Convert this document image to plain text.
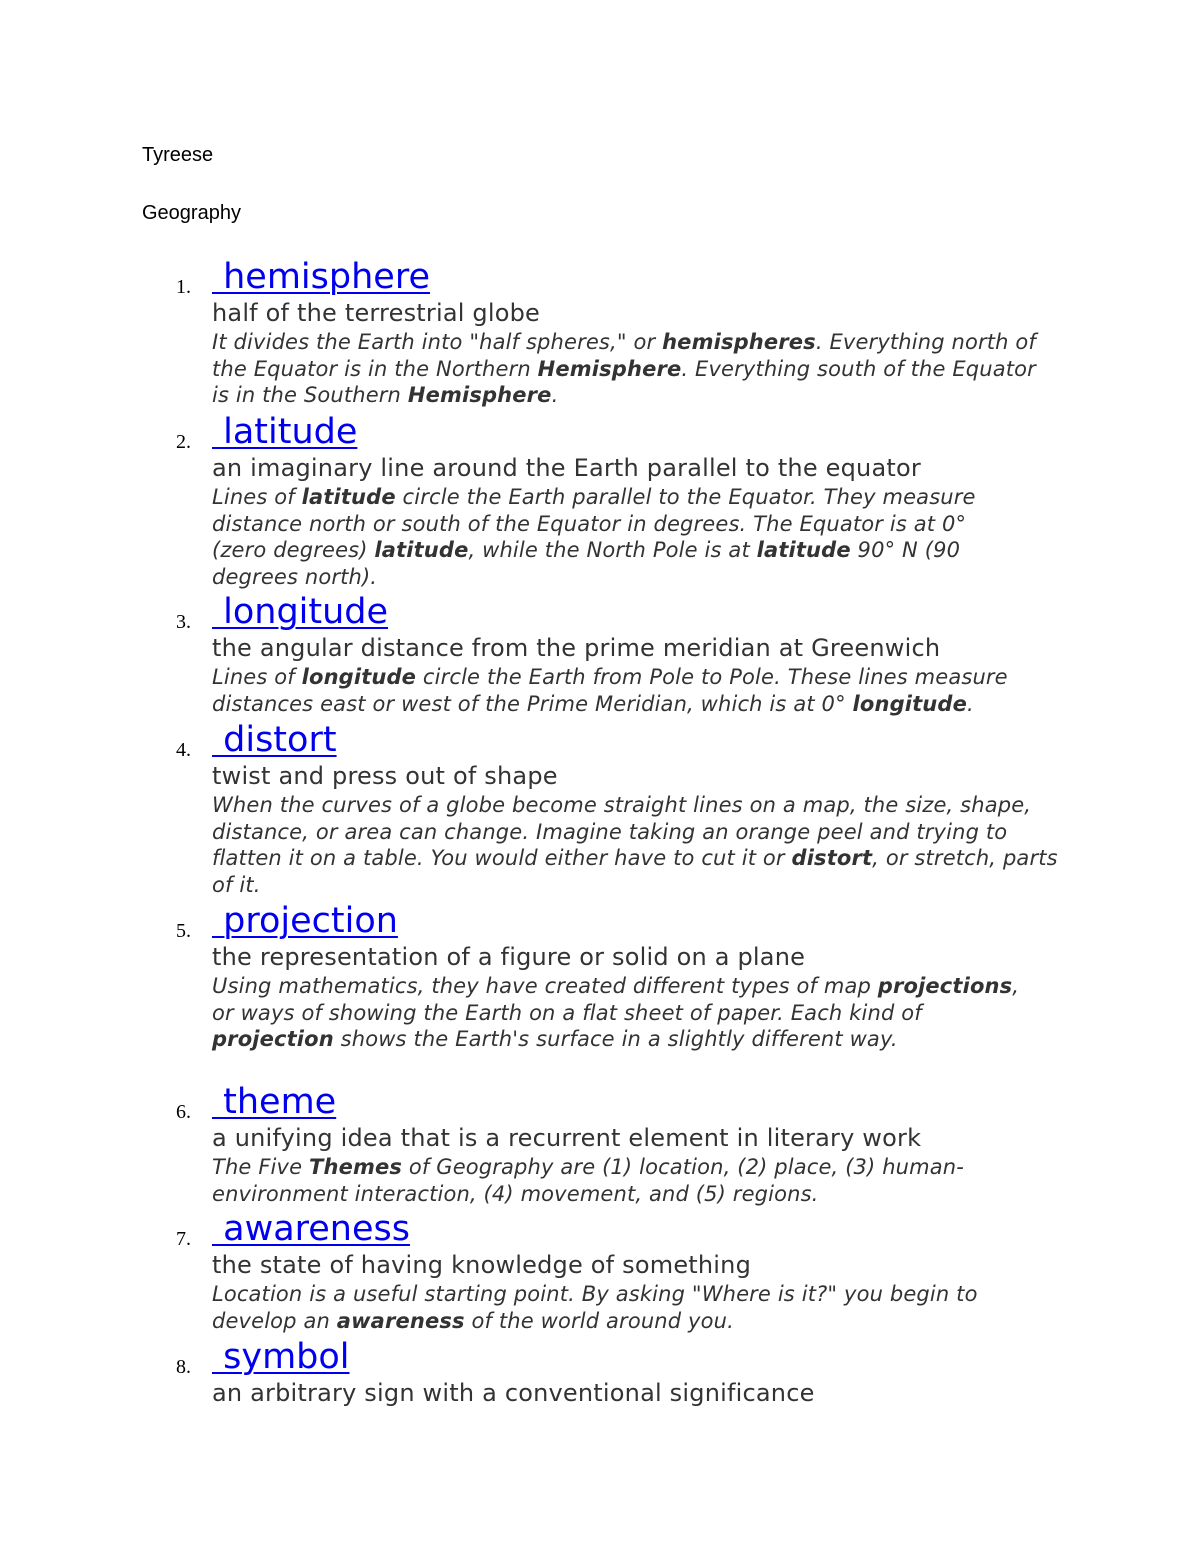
Tyreese
Geography
1. hemisphere
half of the terrestrial globe
It divides the Earth into "half spheres," or hemispheres. Everything north of the Equator is in the Northern Hemisphere. Everything south of the Equator is in the Southern Hemisphere.
2. latitude
an imaginary line around the Earth parallel to the equator
Lines of latitude circle the Earth parallel to the Equator. They measure distance north or south of the Equator in degrees. The Equator is at 0° (zero degrees) latitude, while the North Pole is at latitude 90° N (90 degrees north).
3. longitude
the angular distance from the prime meridian at Greenwich
Lines of longitude circle the Earth from Pole to Pole. These lines measure distances east or west of the Prime Meridian, which is at 0° longitude.
4. distort
twist and press out of shape
When the curves of a globe become straight lines on a map, the size, shape, distance, or area can change. Imagine taking an orange peel and trying to flatten it on a table. You would either have to cut it or distort, or stretch, parts of it.
5. projection
the representation of a figure or solid on a plane
Using mathematics, they have created different types of map projections, or ways of showing the Earth on a flat sheet of paper. Each kind of projection shows the Earth's surface in a slightly different way.
6. theme
a unifying idea that is a recurrent element in literary work
The Five Themes of Geography are (1) location, (2) place, (3) human-environment interaction, (4) movement, and (5) regions.
7. awareness
the state of having knowledge of something
Location is a useful starting point. By asking "Where is it?" you begin to develop an awareness of the world around you.
8. symbol
an arbitrary sign with a conventional significance
